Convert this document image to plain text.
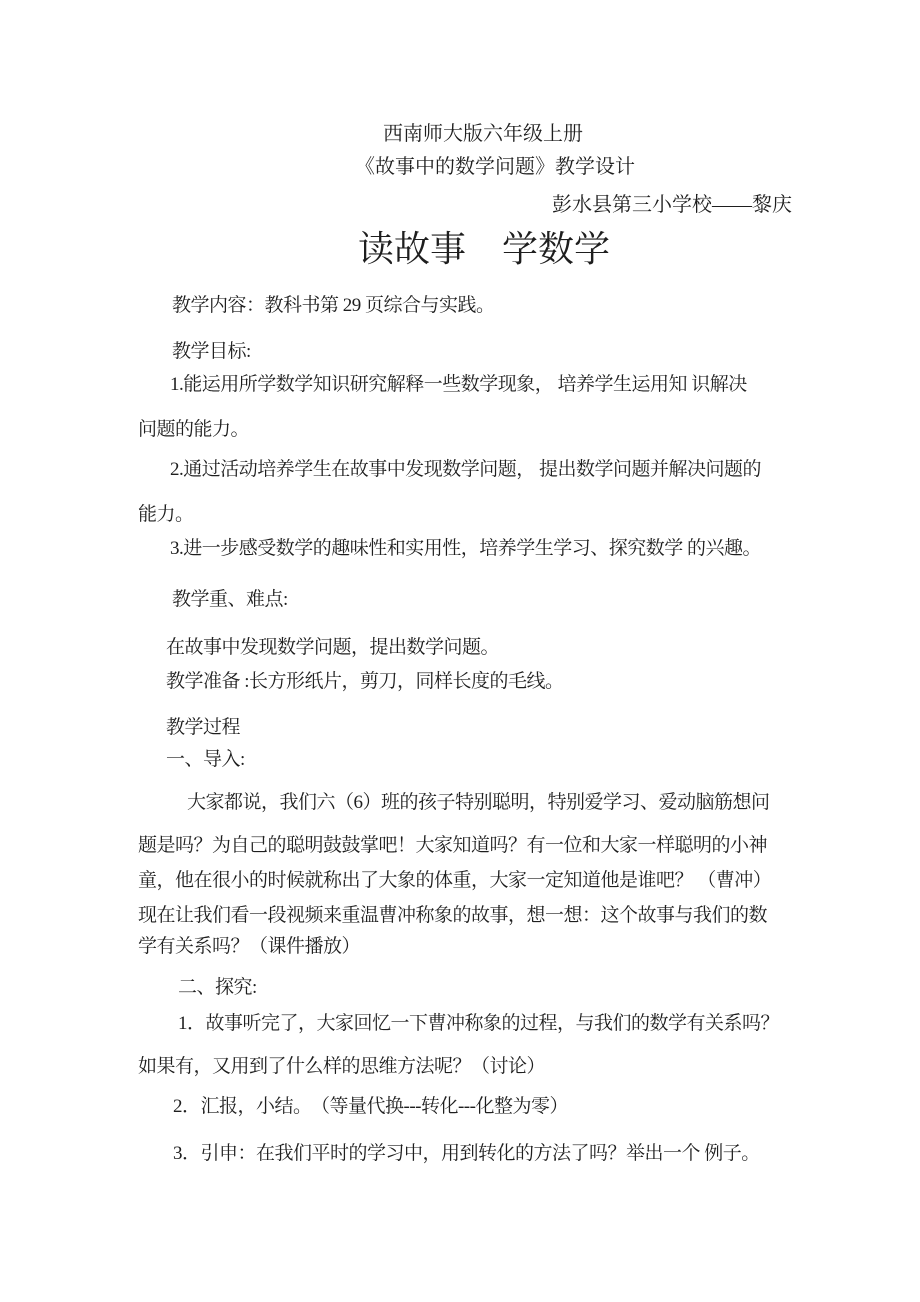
西南师大版六年级上册
《故事中的数学问题》教学设计
彭水县第三小学校——黎庆
读故事　学数学
教学内容：教科书第 29 页综合与实践。
教学目标:
1.能运用所学数学知识研究解释一些数学现象， 培养学生运用知 识解决
问题的能力。
2.通过活动培养学生在故事中发现数学问题， 提出数学问题并解决问题的
能力。
3.进一步感受数学的趣味性和实用性，培养学生学习、探究数学 的兴趣。
教学重、难点:
在故事中发现数学问题，提出数学问题。
教学准备 :长方形纸片，剪刀，同样长度的毛线。
教学过程
一、导入:
大家都说，我们六（6）班的孩子特别聪明，特别爱学习、爱动脑筋想问
题是吗？为自己的聪明鼓鼓掌吧！大家知道吗？有一位和大家一样聪明的小神
童，他在很小的时候就称出了大象的体重，大家一定知道他是谁吧？ （曹冲）
现在让我们看一段视频来重温曹冲称象的故事，想一想：这个故事与我们的数
学有关系吗？（课件播放）
二、探究:
1．故事听完了，大家回忆一下曹冲称象的过程，与我们的数学有关系吗？
如果有，又用到了什么样的思维方法呢？（讨论）
2．汇报，小结。　（等量代换---转化---化整为零）
3．引申：在我们平时的学习中，用到转化的方法了吗？举出一个 例子。
